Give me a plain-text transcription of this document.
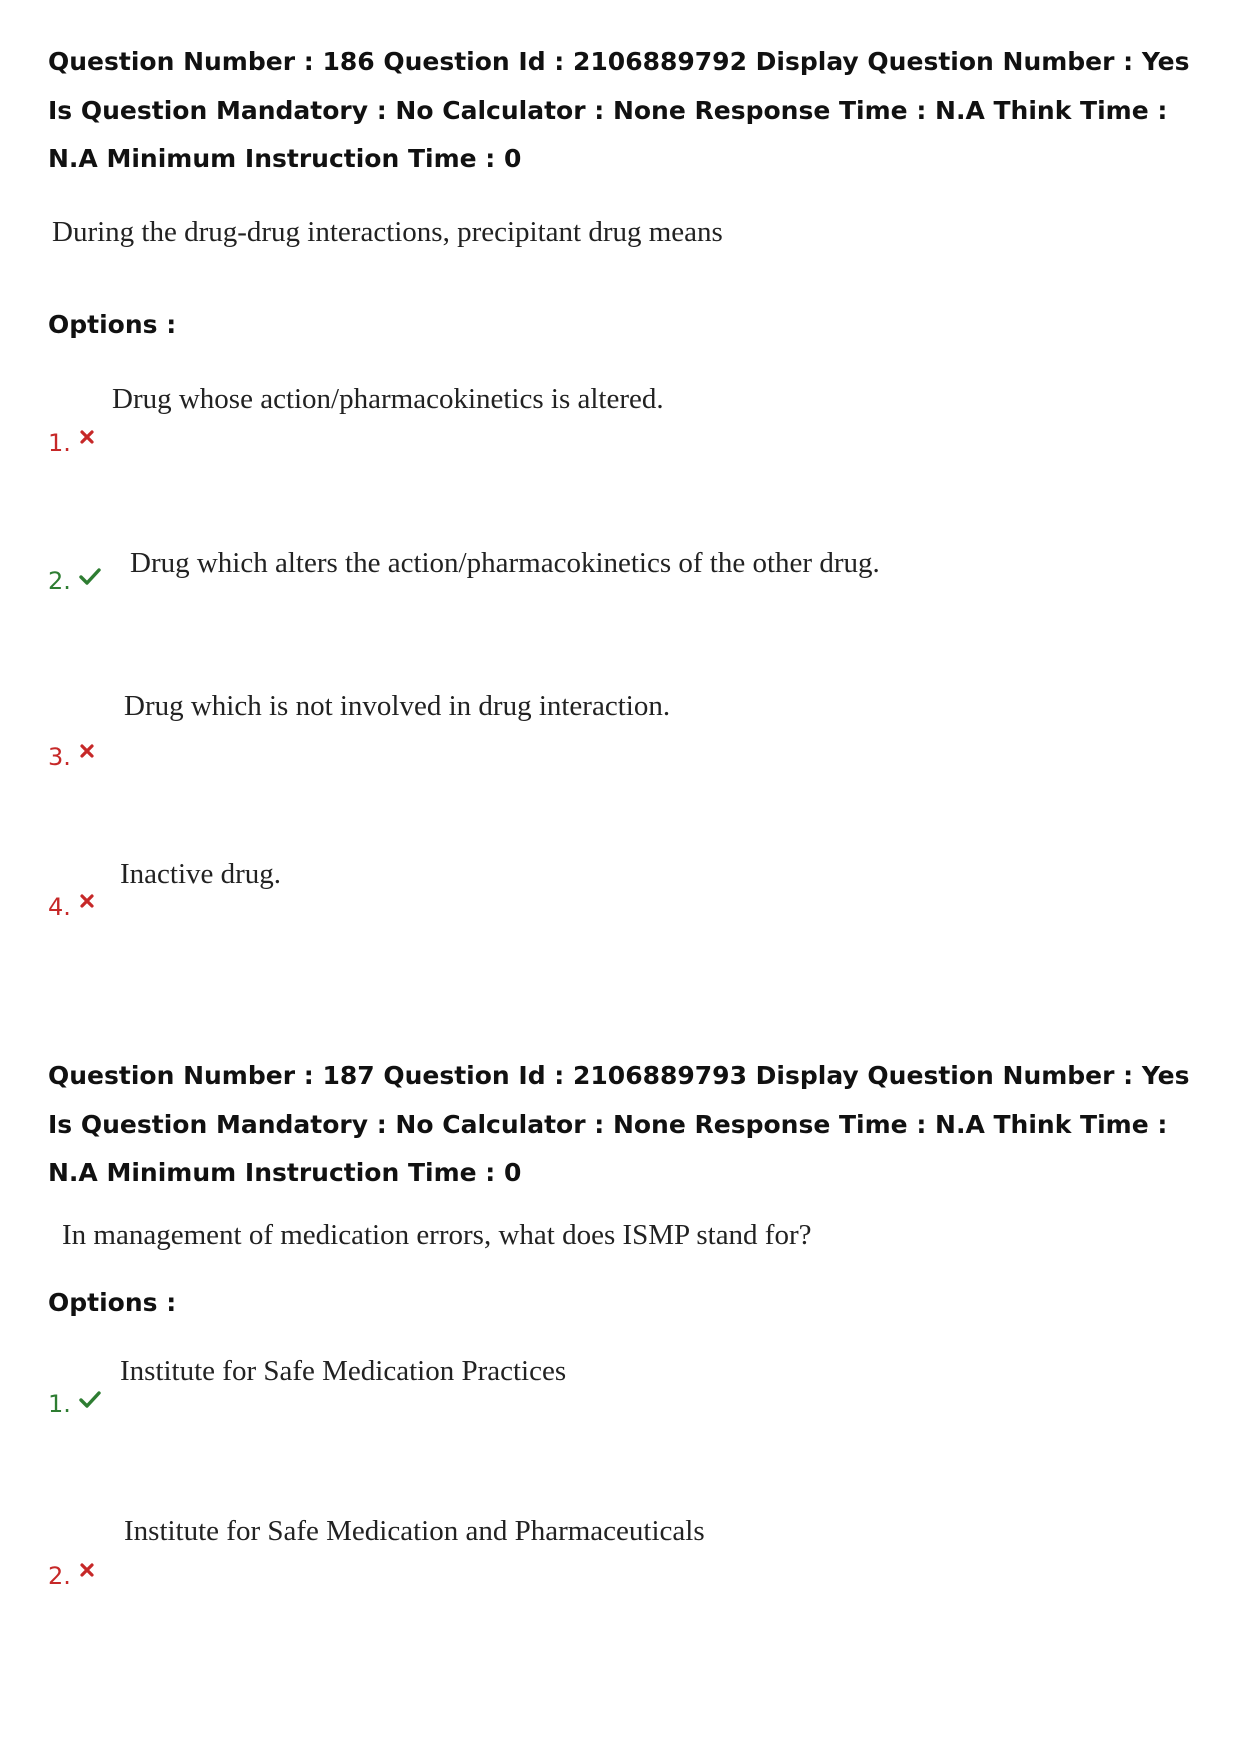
Question Number : 186 Question Id : 2106889792 Display Question Number : Yes Is Question Mandatory : No Calculator : None Response Time : N.A Think Time : N.A Minimum Instruction Time : 0

During the drug-drug interactions, precipitant drug means

Options :

Drug whose action/pharmacokinetics is altered.
1.
Drug which alters the action/pharmacokinetics of the other drug.
2.
Drug which is not involved in drug interaction.
3.
Inactive drug.
4.

Question Number : 187 Question Id : 2106889793 Display Question Number : Yes Is Question Mandatory : No Calculator : None Response Time : N.A Think Time : N.A Minimum Instruction Time : 0

In management of medication errors, what does ISMP stand for?

Options :

Institute for Safe Medication Practices
1.
Institute for Safe Medication and Pharmaceuticals
2.
